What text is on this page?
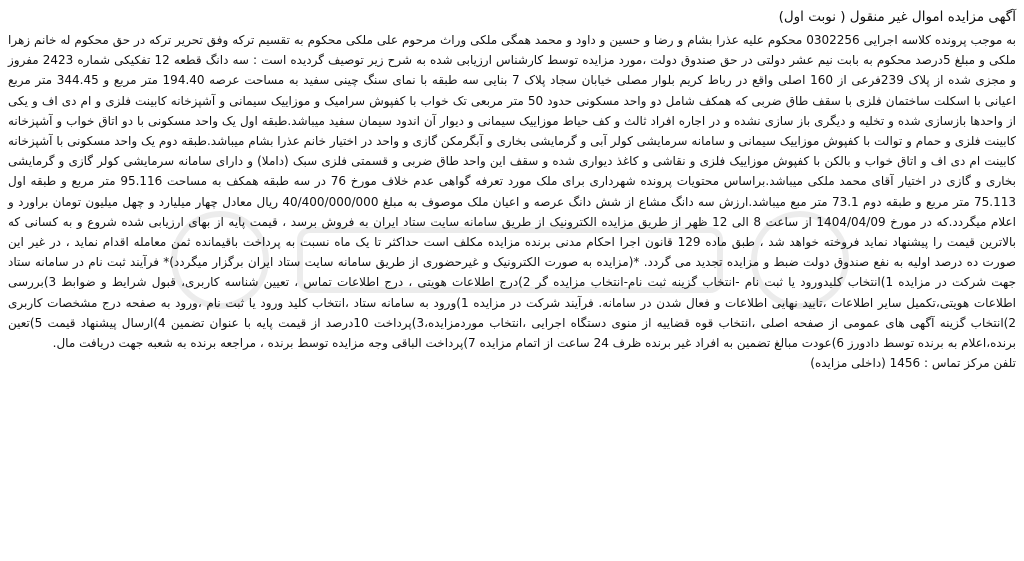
آگهی مزایده اموال غیر منقول ( نوبت اول)
به موجب پرونده کلاسه اجرایی 0302256 محکوم علیه عذرا بشام و رضا و حسین و داود و محمد همگی ملکی وراث مرحوم علی ملکی محکوم به تقسیم ترکه وفق تحریر ترکه در حق محکوم له خانم زهرا ملکی و مبلغ 5درصد محکوم به بابت نیم عشر دولتی در حق صندوق دولت ،مورد مزایده توسط کارشناس ارزیابی شده به شرح زیر توصیف گردیده است : سه دانگ قطعه 12 تفکیکی شماره 2423 مفروز و مجزی شده از پلاک 239فرعی از 160 اصلی واقع در رباط کریم بلوار مصلی خیابان سجاد پلاک 7 بنایی سه طبقه با نمای سنگ چینی سفید به مساحت عرصه 194.40 متر مربع و 344.45 متر مربع اعیانی با اسکلت ساختمان فلزی با سقف طاق ضربی که همکف شامل دو واحد مسکونی حدود 50 متر مربعی تک خواب با کفپوش سرامیک و موزاییک سیمانی و آشپزخانه کابینت فلزی و ام دی اف و یکی از واحدها بازسازی شده و تخلیه و دیگری باز سازی نشده و در اجاره افراد ثالث و کف حیاط موزاییک سیمانی و دیوار آن اندود سیمان سفید میباشد.طبقه اول یک واحد مسکونی با دو اتاق خواب و آشپزخانه کابینت فلزی و حمام و توالت با کفپوش موزاییک سیمانی و سامانه سرمایشی کولر آبی و گرمایشی بخاری و آبگرمکن گازی و واحد در اختیار خانم عذرا بشام میباشد.طبقه دوم یک واحد مسکونی با آشپزخانه کابینت ام دی اف و اتاق خواب و بالکن با کفپوش موزاییک فلزی و نقاشی و کاغذ دیواری شده و سقف این واحد طاق ضربی و قسمتی فلزی سبک (داملا) و دارای سامانه سرمایشی کولر گازی و گرمایشی بخاری و گازی در اختیار آقای محمد ملکی میباشد.براساس محتویات پرونده شهرداری برای ملک مورد تعرفه گواهی عدم خلاف مورخ 76 در سه طبقه همکف به مساحت 95.116 متر مربع و طبقه اول 75.113 متر مربع و طبقه دوم 73.1 متر مبع میباشد.ارزش سه دانگ مشاع از شش دانگ عرصه و اعیان ملک موصوف به مبلغ 40/400/000/000 ریال معادل چهار میلیارد و چهل میلیون تومان براورد و اعلام میگردد.که در مورخ 1404/04/09 از ساعت 8 الی 12 ظهر از طریق مزایده الکترونیک از طریق سامانه سایت ستاد ایران به فروش برسد ، قیمت پایه از بهای ارزیابی شده شروع و به کسانی که بالاترین قیمت را پیشنهاد نماید فروخته خواهد شد ، طبق ماده 129 قانون اجرا احکام مدنی برنده مزایده مکلف است حداکثر تا یک ماه نسبت به پرداخت باقیمانده ثمن معامله اقدام نماید ، در غیر این صورت ده درصد اولیه به نفع صندوق دولت ضبط و مزایده تجدید می گردد. *(مزایده به صورت الکترونیک و غیرحضوری از طریق سامانه سایت ستاد ایران برگزار میگردد)* فرآیند ثبت نام در سامانه ستاد جهت شرکت در مزایده 1)انتخاب کلیدورود یا ثبت نام -انتخاب گزینه ثبت نام-انتخاب مزایده گر 2)درج اطلاعات هویتی ، درج اطلاعات تماس ، تعیین شناسه کاربری، قبول شرایط و ضوابط 3)بررسی اطلاعات هویتی،تکمیل سایر اطلاعات ،تایید نهایی اطلاعات و فعال شدن در سامانه. فرآیند شرکت در مزایده 1)ورود به سامانه ستاد ،انتخاب کلید ورود یا ثبت نام ،ورود به صفحه درج مشخصات کاربری 2)انتخاب گزینه آگهی های عمومی از صفحه اصلی ،انتخاب قوه قضاییه از منوی دستگاه اجرایی ،انتخاب موردمزایده،3)پرداخت 10درصد از قیمت پایه با عنوان تضمین 4)ارسال پیشنهاد قیمت 5)تعین برنده،اعلام به برنده توسط دادورز 6)عودت مبالغ تضمین به افراد غیر برنده ظرف 24 ساعت از اتمام مزایده 7)پرداخت الباقی وجه مزایده توسط برنده ، مراجعه برنده به شعبه جهت دریافت مال.
تلفن مرکز تماس : 1456 (داخلی مزایده)
